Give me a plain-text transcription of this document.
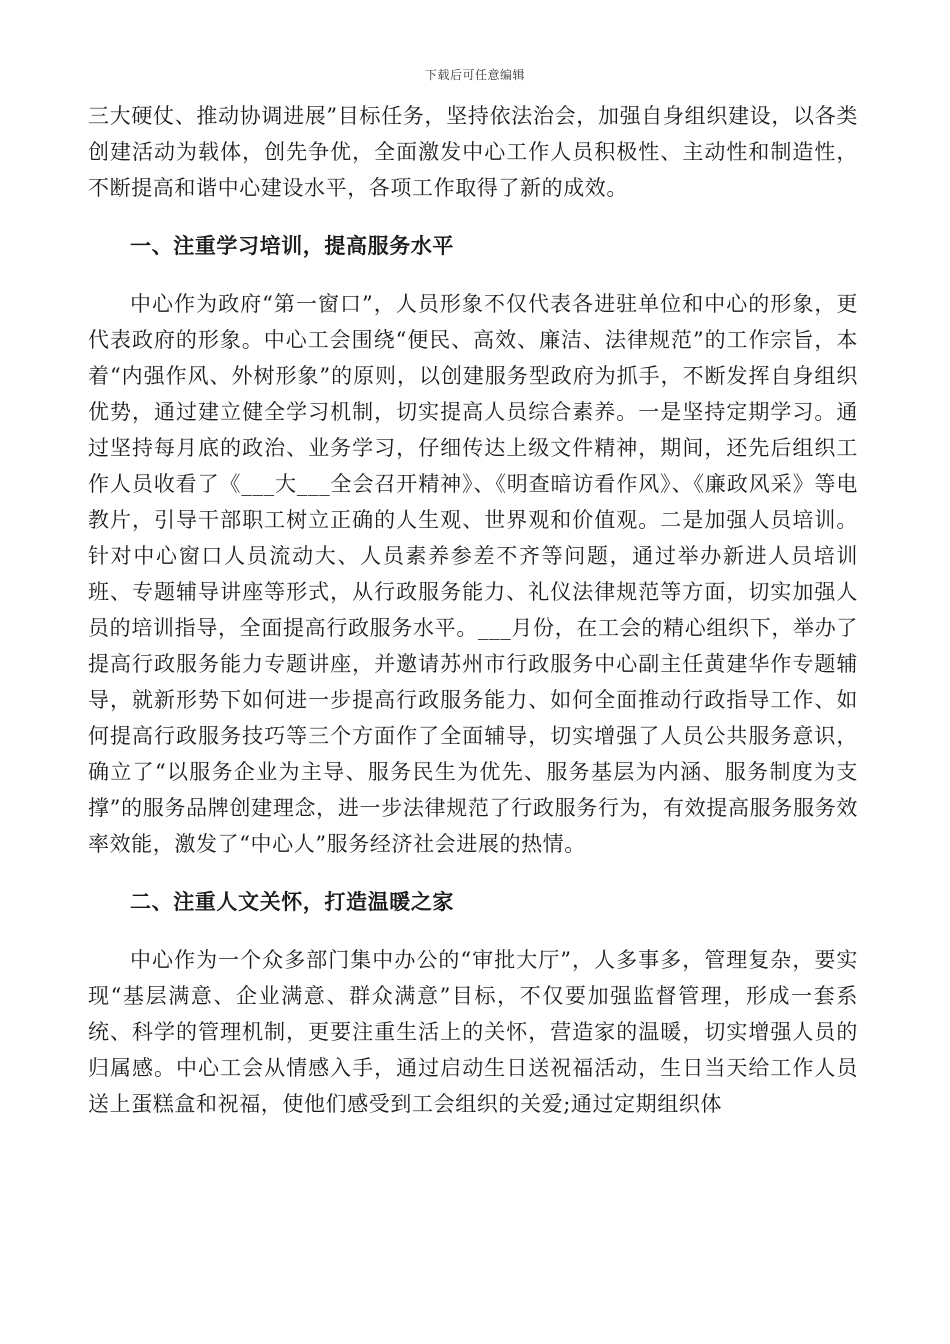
下载后可任意编辑

三大硬仗、推动协调进展”目标任务，坚持依法治会，加强自身组织建设，以各类创建活动为载体，创先争优，全面激发中心工作人员积极性、主动性和制造性，不断提高和谐中心建设水平，各项工作取得了新的成效。

一、注重学习培训，提高服务水平

中心作为政府“第一窗口”，人员形象不仅代表各进驻单位和中心的形象，更代表政府的形象。中心工会围绕“便民、高效、廉洁、法律规范”的工作宗旨，本着“内强作风、外树形象”的原则，以创建服务型政府为抓手，不断发挥自身组织优势，通过建立健全学习机制，切实提高人员综合素养。一是坚持定期学习。通过坚持每月底的政治、业务学习，仔细传达上级文件精神，期间，还先后组织工作人员收看了《___大___全会召开精神》、《明查暗访看作风》、《廉政风采》等电教片，引导干部职工树立正确的人生观、世界观和价值观。二是加强人员培训。针对中心窗口人员流动大、人员素养参差不齐等问题，通过举办新进人员培训班、专题辅导讲座等形式，从行政服务能力、礼仪法律规范等方面，切实加强人员的培训指导，全面提高行政服务水平。___月份，在工会的精心组织下，举办了提高行政服务能力专题讲座，并邀请苏州市行政服务中心副主任黄建华作专题辅导，就新形势下如何进一步提高行政服务能力、如何全面推动行政指导工作、如何提高行政服务技巧等三个方面作了全面辅导，切实增强了人员公共服务意识，确立了“以服务企业为主导、服务民生为优先、服务基层为内涵、服务制度为支撑”的服务品牌创建理念，进一步法律规范了行政服务行为，有效提高服务服务效率效能，激发了“中心人”服务经济社会进展的热情。

二、注重人文关怀，打造温暖之家

中心作为一个众多部门集中办公的“审批大厅”，人多事多，管理复杂，要实现“基层满意、企业满意、群众满意”目标，不仅要加强监督管理，形成一套系统、科学的管理机制，更要注重生活上的关怀，营造家的温暖，切实增强人员的归属感。中心工会从情感入手，通过启动生日送祝福活动，生日当天给工作人员送上蛋糕盒和祝福，使他们感受到工会组织的关爱;通过定期组织体
